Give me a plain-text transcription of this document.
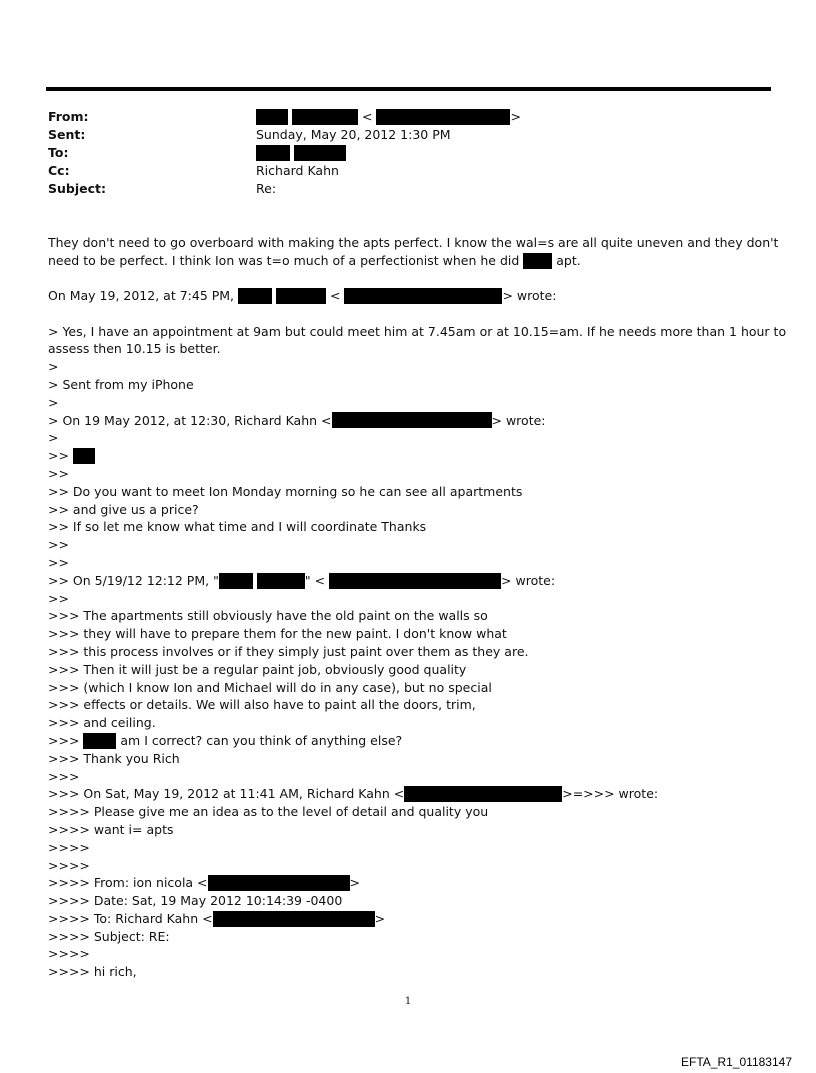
From:	<	>
Sent:	Sunday, May 20, 2012 1:30 PM
To:
Cc:	Richard Kahn
Subject:	Re:
They don't need to go overboard with making the apts perfect. I know the wal=s are all quite uneven and they don't
need to be perfect. I think Ion was t=o much of a perfectionist when he did apt.
On May 19, 2012, at 7:45 PM,	<	> wrote:
> Yes, I have an appointment at 9am but could meet him at 7.45am or at 10.15=am. If he needs more than 1 hour to
assess then 10.15 is better.
>
> Sent from my iPhone
>
> On 19 May 2012, at 12:30, Richard Kahn <	> wrote:
>
>>
>>
>> Do you want to meet Ion Monday morning so he can see all apartments
>> and give us a price?
>> If so let me know what time and I will coordinate Thanks
>>
>>
>> On 5/19/12 12:12 PM, "	" <	> wrote:
>>
>>> The apartments still obviously have the old paint on the walls so
>>> they will have to prepare them for the new paint. I don't know what
>>> this process involves or if they simply just paint over them as they are.
>>> Then it will just be a regular paint job, obviously good quality
>>> (which I know Ion and Michael will do in any case), but no special
>>> effects or details. We will also have to paint all the doors, trim,
>>> and ceiling.
>>>	am I correct? can you think of anything else?
>>> Thank you Rich
>>>
>>> On Sat, May 19, 2012 at 11:41 AM, Richard Kahn <	>=>>> wrote:
>>>> Please give me an idea as to the level of detail and quality you
>>>> want i= apts
>>>>
>>>>
>>>> From: ion nicola <	>
>>>> Date: Sat, 19 May 2012 10:14:39 -0400
>>>> To: Richard Kahn <	>
>>>> Subject: RE:
>>>>
>>>> hi rich,
1
EFTA_R1_01183147
